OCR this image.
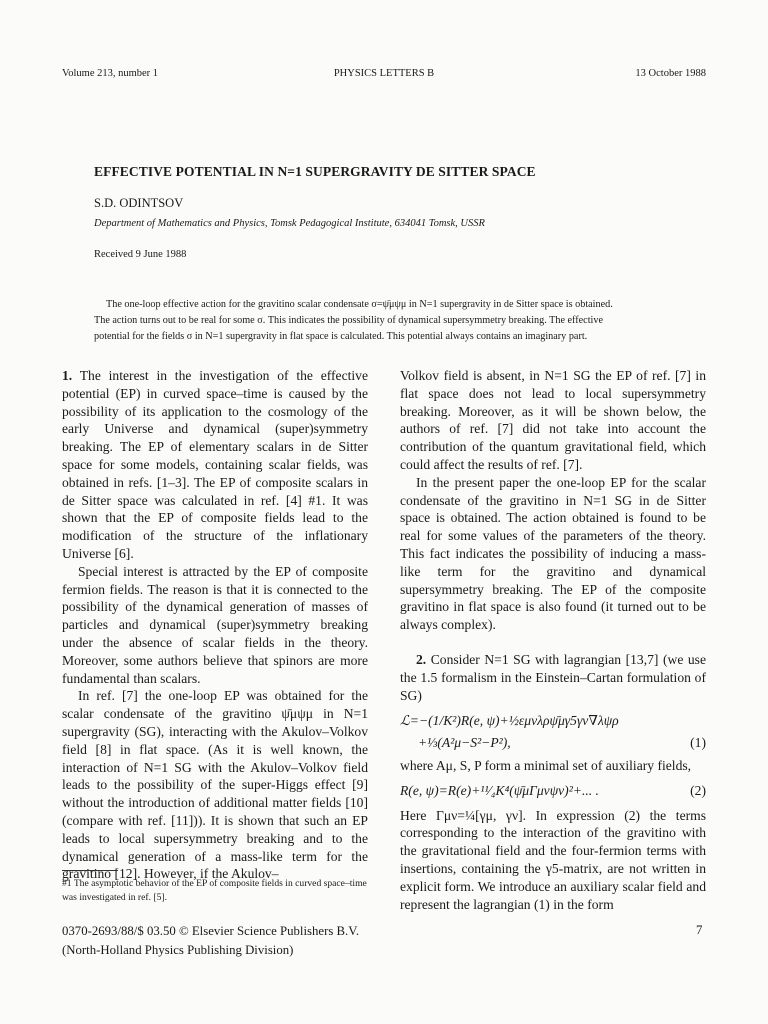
Volume 213, number 1	PHYSICS LETTERS B	13 October 1988
EFFECTIVE POTENTIAL IN N=1 SUPERGRAVITY DE SITTER SPACE
S.D. ODINTSOV
Department of Mathematics and Physics, Tomsk Pedagogical Institute, 634041 Tomsk, USSR
Received 9 June 1988
The one-loop effective action for the gravitino scalar condensate σ=ψ̄μψμ in N=1 supergravity in de Sitter space is obtained.
The action turns out to be real for some σ. This indicates the possibility of dynamical supersymmetry breaking. The effective
potential for the fields σ in N=1 supergravity in flat space is calculated. This potential always contains an imaginary part.

1. The interest in the investigation of the effective potential (EP) in curved space–time is caused by the possibility of its application to the cosmology of the early Universe and dynamical (super)symmetry breaking. The EP of elementary scalars in de Sitter space for some models, containing scalar fields, was obtained in refs. [1–3]. The EP of composite scalars in de Sitter space was calculated in ref. [4] #1. It was shown that the EP of composite fields lead to the modification of the structure of the inflationary Universe [6].

Special interest is attracted by the EP of composite fermion fields. The reason is that it is connected to the possibility of the dynamical generation of masses of particles and dynamical (super)symmetry breaking under the absence of scalar fields in the theory. Moreover, some authors believe that spinors are more fundamental than scalars.

In ref. [7] the one-loop EP was obtained for the scalar condensate of the gravitino ψ̄μψμ in N=1 supergravity (SG), interacting with the Akulov–Volkov field [8] in flat space. (As it is well known, the interaction of N=1 SG with the Akulov–Volkov field leads to the possibility of the super-Higgs effect [9] without the introduction of additional matter fields [10] (compare with ref. [11])). It is shown that such an EP leads to local supersymmetry breaking and to the dynamical generation of a mass-like term for the gravitino [12]. However, if the Akulov–

#1 The asymptotic behavior of the EP of composite fields in curved space–time was investigated in ref. [5].

Volkov field is absent, in N=1 SG the EP of ref. [7] in flat space does not lead to local supersymmetry breaking. Moreover, as it will be shown below, the authors of ref. [7] did not take into account the contribution of the quantum gravitational field, which could affect the results of ref. [7].

In the present paper the one-loop EP for the scalar condensate of the gravitino in N=1 SG in de Sitter space is obtained. The action obtained is found to be real for some values of the parameters of the theory. This fact indicates the possibility of inducing a mass-like term for the gravitino and dynamical supersymmetry breaking. The EP of the composite gravitino in flat space is also found (it turned out to be always complex).

2. Consider N=1 SG with lagrangian [13,7] (we use the 1.5 formalism in the Einstein–Cartan formulation of SG)

ℒ=−(1/K²)R(e, ψ)+½εμνλρψ̄μγ5γν∇λψρ

+⅓(A²μ−S²−P²),	(1)

where Aμ, S, P form a minimal set of auxiliary fields,

R(e, ψ)=R(e)+¹¹⁄₄K⁴(ψ̄μΓμνψν)²+... .	(2)

Here Γμν=¼[γμ, γν]. In expression (2) the terms corresponding to the interaction of the gravitino with the gravitational field and the four-fermion terms with insertions, containing the γ5-matrix, are not written in explicit form. We introduce an auxiliary scalar field and represent the lagrangian (1) in the form

0370-2693/88/$ 03.50 © Elsevier Science Publishers B.V.
(North-Holland Physics Publishing Division)
7
